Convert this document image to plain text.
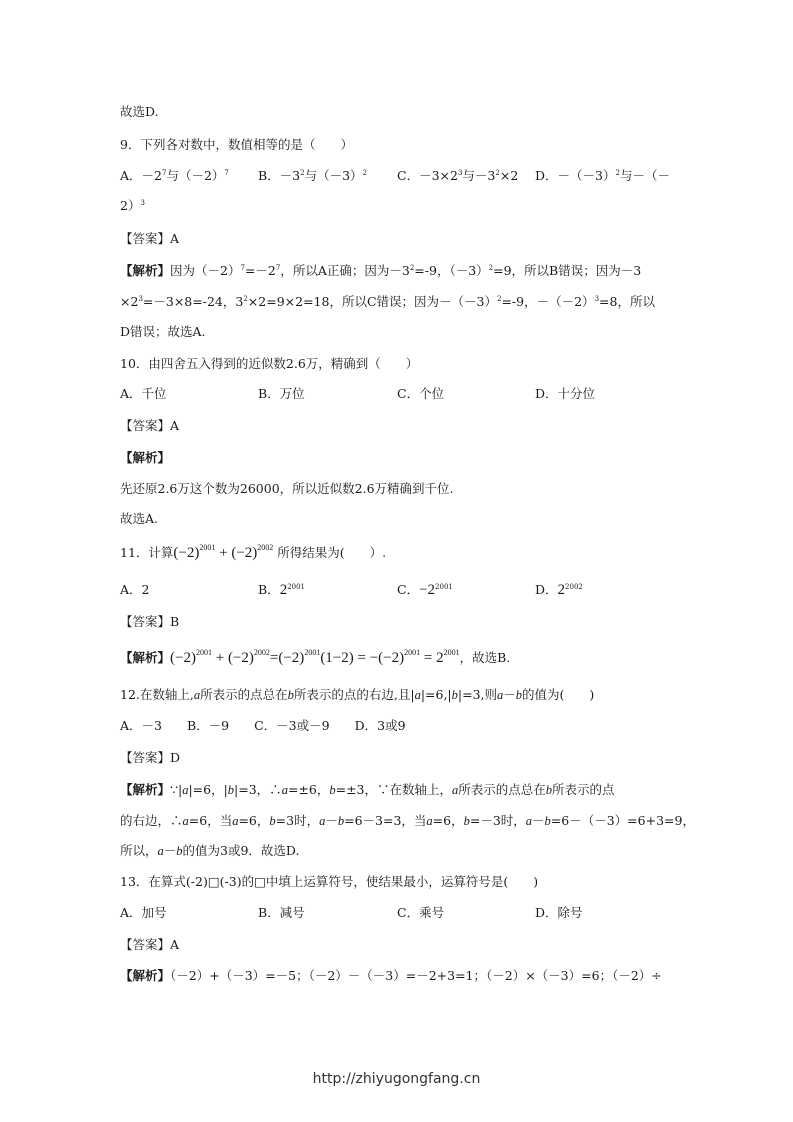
故选D.
9．下列各对数中，数值相等的是（　　）
A．$-2^7$与$(-2)^7$ B．$-3^2$与$(-3)^2$ C．$-3\times 2^3$与$-3^2\times 2$ D．$-(-3)^2$与－（－
2）$^3$
【答案】A
【解析】因为$(-2)^7=-2^7$，所以A正确；因为$-3^2=-9$，$(-3)^2=9$，所以B错误；因为－3
$\times 2^3=-3\times 8=-24$，$3^2\times 2=9\times 2=18$，所以C错误；因为$-(-3)^2=-9$，$-(-2)^3=8$，所以
D错误；故选A.
10．由四舍五入得到的近似数2.6万，精确到（　　）
A．千位	B．万位	C．个位	D．十分位
【答案】A
【解析】
先还原2.6万这个数为26000，所以近似数2.6万精确到千位.
故选A.
11．计算$(-2)^{2001} + (-2)^{2002}$ 所得结果为(　　）.
A．2	B．$2^{2001}$	C．$-2^{2001}$	D．$2^{2002}$
【答案】B
【解析】$(-2)^{2001} + (-2)^{2002}=(-2)^{2001}(1-2) = -(-2)^{2001} = 2^{2001}$，故选B.
12.在数轴上,a所表示的点总在b所表示的点的右边,且|a|=6,|b|=3,则a－b的值为(　　)
A．－3　　B．－9　　C．－3或－9　　D．3或9
【答案】D
【解析】∵|a|=6，|b|=3，∴a=±6，b=±3，∵在数轴上，a所表示的点总在b所表示的点
的右边，∴a=6，当a=6，b=3时，a－b=6－3=3，当a=6，b=－3时，a－b=6－（－3）=6+3=9，
所以，a－b的值为3或9．故选D.
13．在算式(-2)□(-3)的□中填上运算符号，使结果最小，运算符号是(　　)
A．加号	B．减号	C．乘号	D．除号
【答案】A
【解析】（－2）+（－3）=－5；（－2）－（－3）=－2+3=1；（－2）×（－3）=6；（－2）÷
http://zhiyugongfang.cn
